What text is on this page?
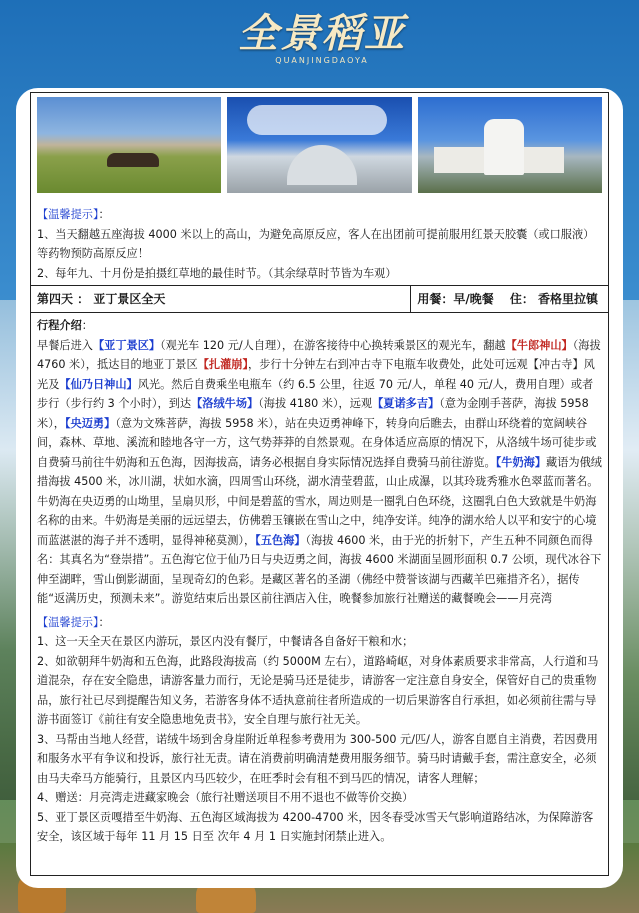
全景稻亚
QUANJINGDAOYA

【温馨提示】：

1、当天翻越五座海拔 4000 米以上的高山，为避免高原反应，客人在出团前可提前服用红景天胶囊（或口服液）等药物预防高原反应！

2、每年九、十月份是拍摄红草地的最佳时节。（其余绿草时节皆为车观）

第四天 ： 亚丁景区全天	用餐：早/晚餐 住： 香格里拉镇

行程介绍：

早餐后进入【亚丁景区】（观光车 120 元/人自理），在游客接待中心换转乘景区的观光车，翻越【牛郎神山】（海拔 4760 米），抵达目的地亚丁景区【扎灌崩】，步行十分钟左右到冲古寺下电瓶车收费处，此处可远观【冲古寺】风光及【仙乃日神山】风光。然后自费乘坐电瓶车（约 6.5 公里，往返 70 元/人，单程 40 元/人，费用自理）或者步行（步行约 3 个小时），到达【洛绒牛场】（海拔 4180 米），远观【夏诺多吉】（意为金刚手菩萨，海拔 5958 米），【央迈勇】（意为文殊菩萨，海拔 5958 米），站在央迈勇神峰下，转身向后瞧去，由群山环绕着的宽阔峡谷间，森林、草地、溪流和睦地各守一方，这气势莽莽的自然景观。在身体适应高原的情况下，从洛绒牛场可徒步或自费骑马前往牛奶海和五色海，因海拔高，请务必根据自身实际情况选择自费骑马前往游览。【牛奶海】藏语为俄绒措海拔 4500 米，冰川湖，状如水滴，四周雪山环绕，湖水清莹碧蓝，山止成瀑，以其玲珑秀雅水色翠蓝而著名。牛奶海在央迈勇的山坳里，呈扇贝形，中间是碧蓝的雪水，周边则是一圈乳白色环绕，这圈乳白色大致就是牛奶海名称的由来。牛奶海是美丽的远远望去，仿佛碧玉镶嵌在雪山之中，纯净安详。纯净的湖水给人以平和安宁的心境而蓝湛湛的海子并不透明，显得神秘莫测），【五色海】（海拔 4600 米，由于光的折射下，产生五种不同颜色而得名：其真名为“登崇措”。五色海它位于仙乃日与央迈勇之间，海拔 4600 米湖面呈圆形面积 0.7 公顷，现代冰谷下伸至湖畔，雪山倒影湖面，呈现奇幻的色彩。是藏区著名的圣湖（佛经中赞誉该湖与西藏羊巴雍措齐名），据传能“返满历史，预测未来”。游览结束后出景区前往酒店入住，晚餐参加旅行社赠送的藏餐晚会——月亮湾

【温馨提示】：

1、这一天全天在景区内游玩，景区内没有餐厅，中餐请各自备好干粮和水；

2、如欲朝拜牛奶海和五色海，此路段海拔高（约 5000M 左右），道路崎岖，对身体素质要求非常高，人行道和马道混杂，存在安全隐患，请游客量力而行，无论是骑马还是徒步，请游客一定注意自身安全，保管好自己的贵重物品，旅行社已尽到提醒告知义务，若游客身体不适执意前往者所造成的一切后果游客自行承担，如必须前往需与导游书面签订《前往有安全隐患地免责书》，安全自理与旅行社无关。

3、马帮由当地人经营，诺绒牛场到舍身崖附近单程参考费用为 300-500 元/匹/人，游客自愿自主消费，若因费用和服务水平有争议和投诉，旅行社无责。请在消费前明确清楚费用服务细节。骑马时请戴手套，需注意安全，必须由马夫牵马方能骑行，且景区内马匹较少，在旺季时会有租不到马匹的情况，请客人理解；

4、赠送：月亮湾走进藏家晚会（旅行社赠送项目不用不退也不做等价交换）

5、亚丁景区贡嘎措至牛奶海、五色海区域海拔为 4200-4700 米，因冬春受冰雪天气影响道路结冰，为保障游客安全，该区域于每年 11 月 15 日至 次年 4 月 1 日实施封闭禁止进入。
